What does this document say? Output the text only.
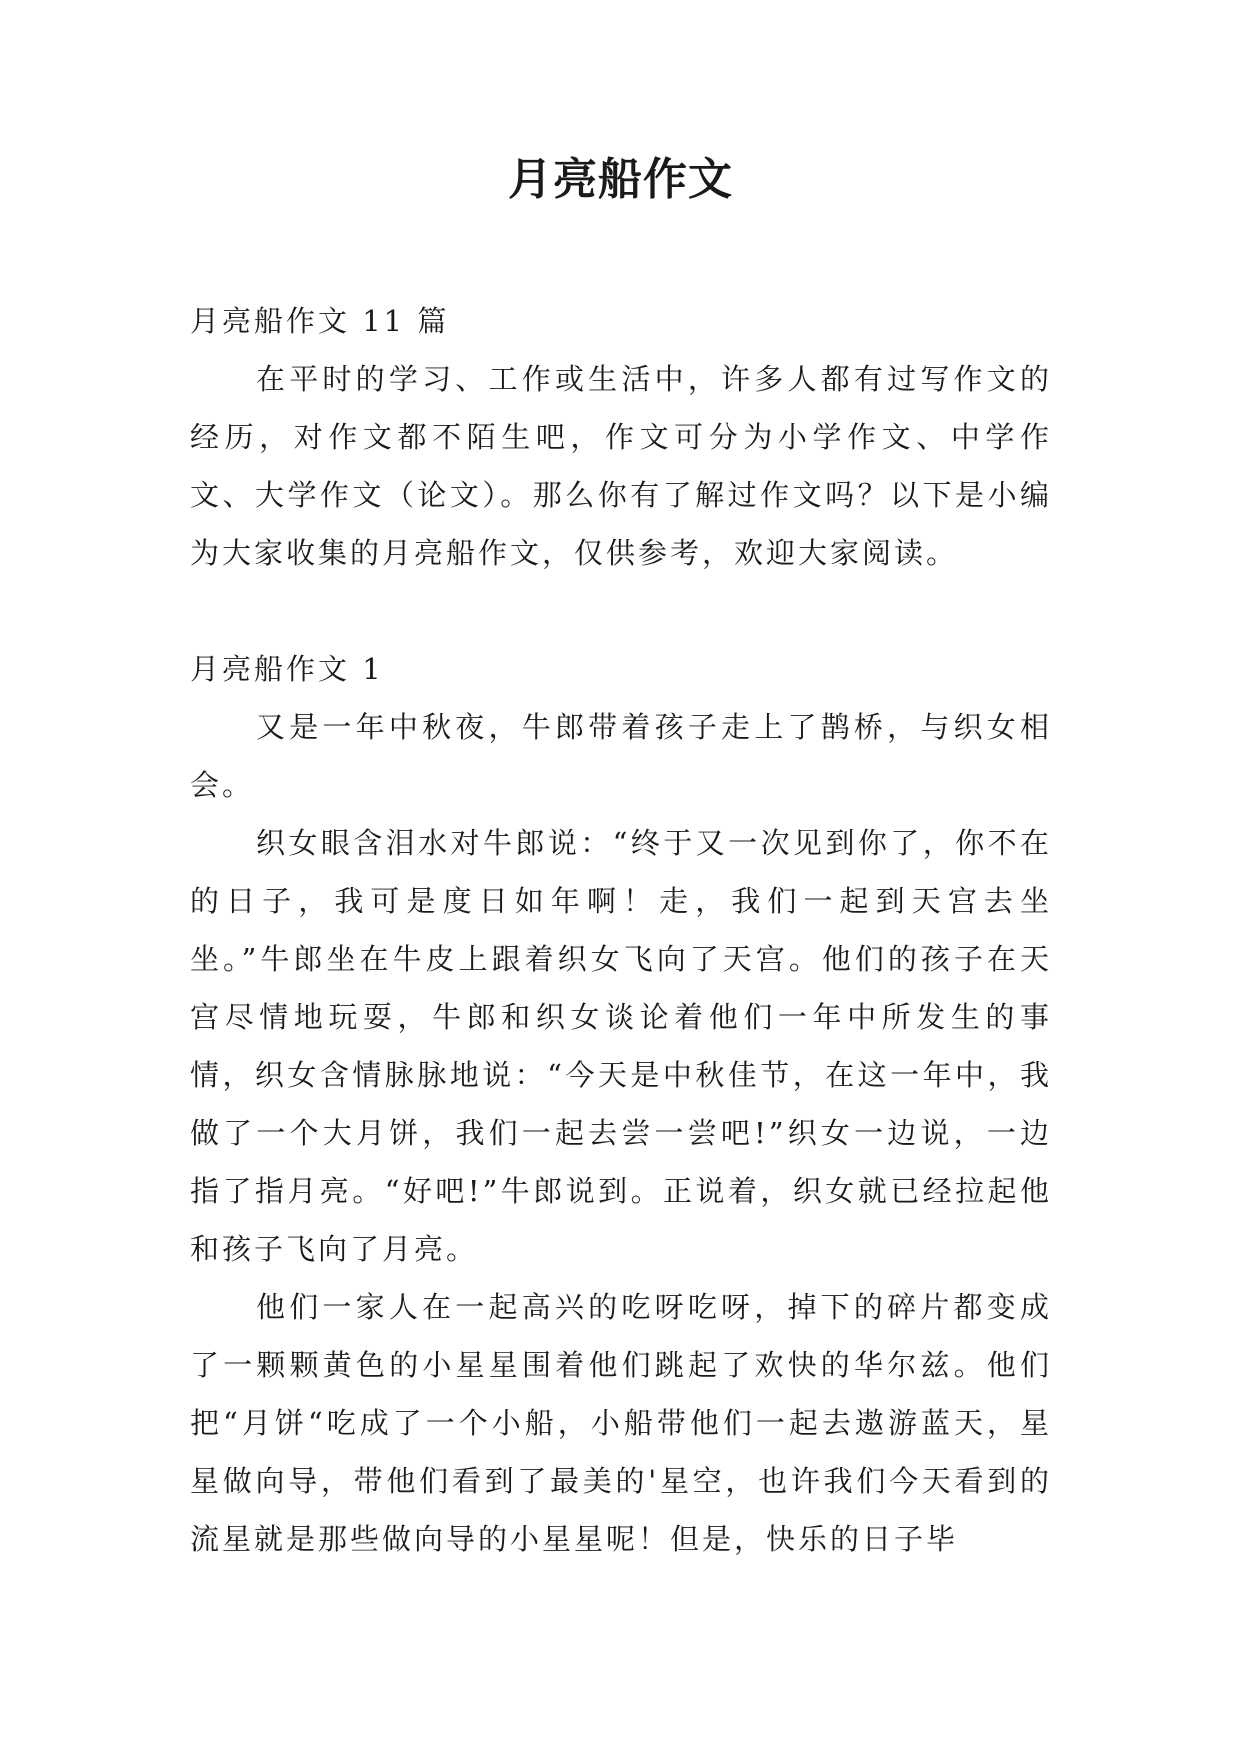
月亮船作文

月亮船作文 11 篇

在平时的学习、工作或生活中，许多人都有过写作文的经历，对作文都不陌生吧，作文可分为小学作文、中学作文、大学作文（论文）。那么你有了解过作文吗？以下是小编为大家收集的月亮船作文，仅供参考，欢迎大家阅读。

月亮船作文 1

又是一年中秋夜，牛郎带着孩子走上了鹊桥，与织女相会。

织女眼含泪水对牛郎说：“终于又一次见到你了，你不在的日子，我可是度日如年啊！走，我们一起到天宫去坐坐。”牛郎坐在牛皮上跟着织女飞向了天宫。他们的孩子在天宫尽情地玩耍，牛郎和织女谈论着他们一年中所发生的事情，织女含情脉脉地说：“今天是中秋佳节，在这一年中，我做了一个大月饼，我们一起去尝一尝吧!”织女一边说，一边指了指月亮。“好吧!”牛郎说到。正说着，织女就已经拉起他和孩子飞向了月亮。

他们一家人在一起高兴的吃呀吃呀，掉下的碎片都变成了一颗颗黄色的小星星围着他们跳起了欢快的华尔兹。他们把“月饼“吃成了一个小船，小船带他们一起去遨游蓝天，星星做向导，带他们看到了最美的'星空，也许我们今天看到的流星就是那些做向导的小星星呢！但是，快乐的日子毕
